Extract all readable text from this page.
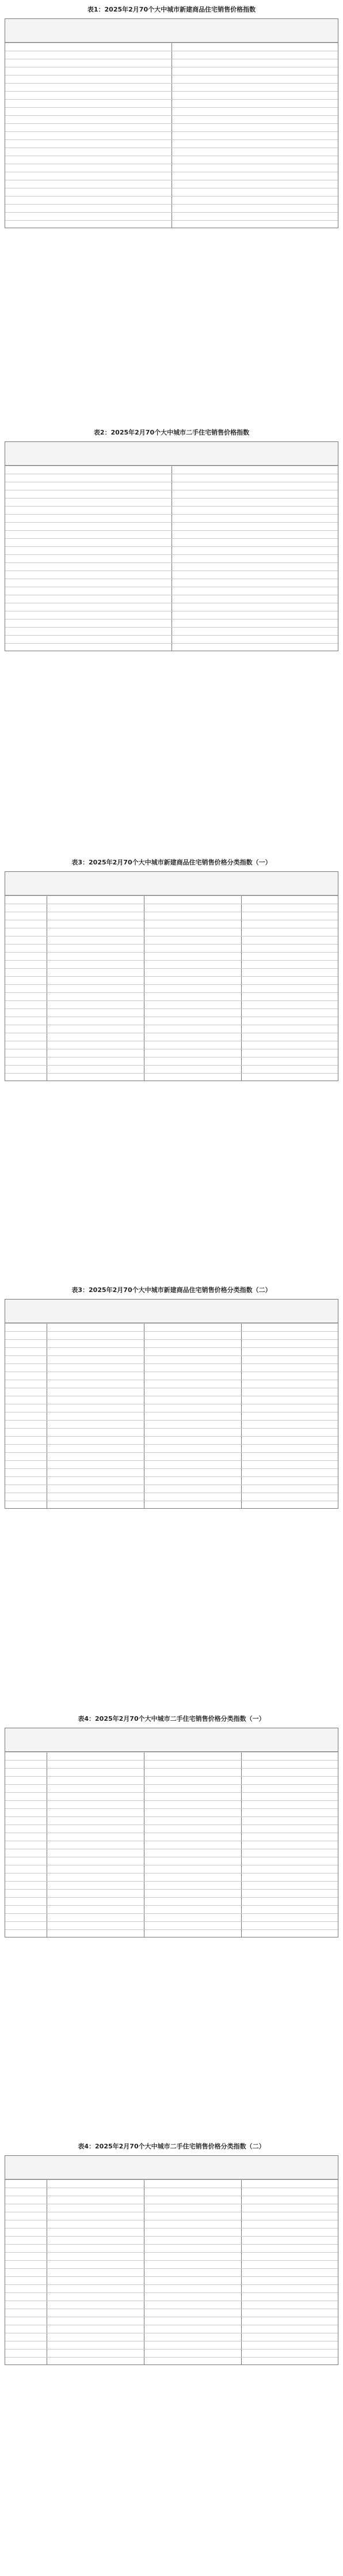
表1：2025年2月70个大中城市新建商品住宅销售价格指数
表2：2025年2月70个大中城市二手住宅销售价格指数
表3：2025年2月70个大中城市新建商品住宅销售价格分类指数（一）
表3：2025年2月70个大中城市新建商品住宅销售价格分类指数（二）
表4：2025年2月70个大中城市二手住宅销售价格分类指数（一）
表4：2025年2月70个大中城市二手住宅销售价格分类指数（二）
